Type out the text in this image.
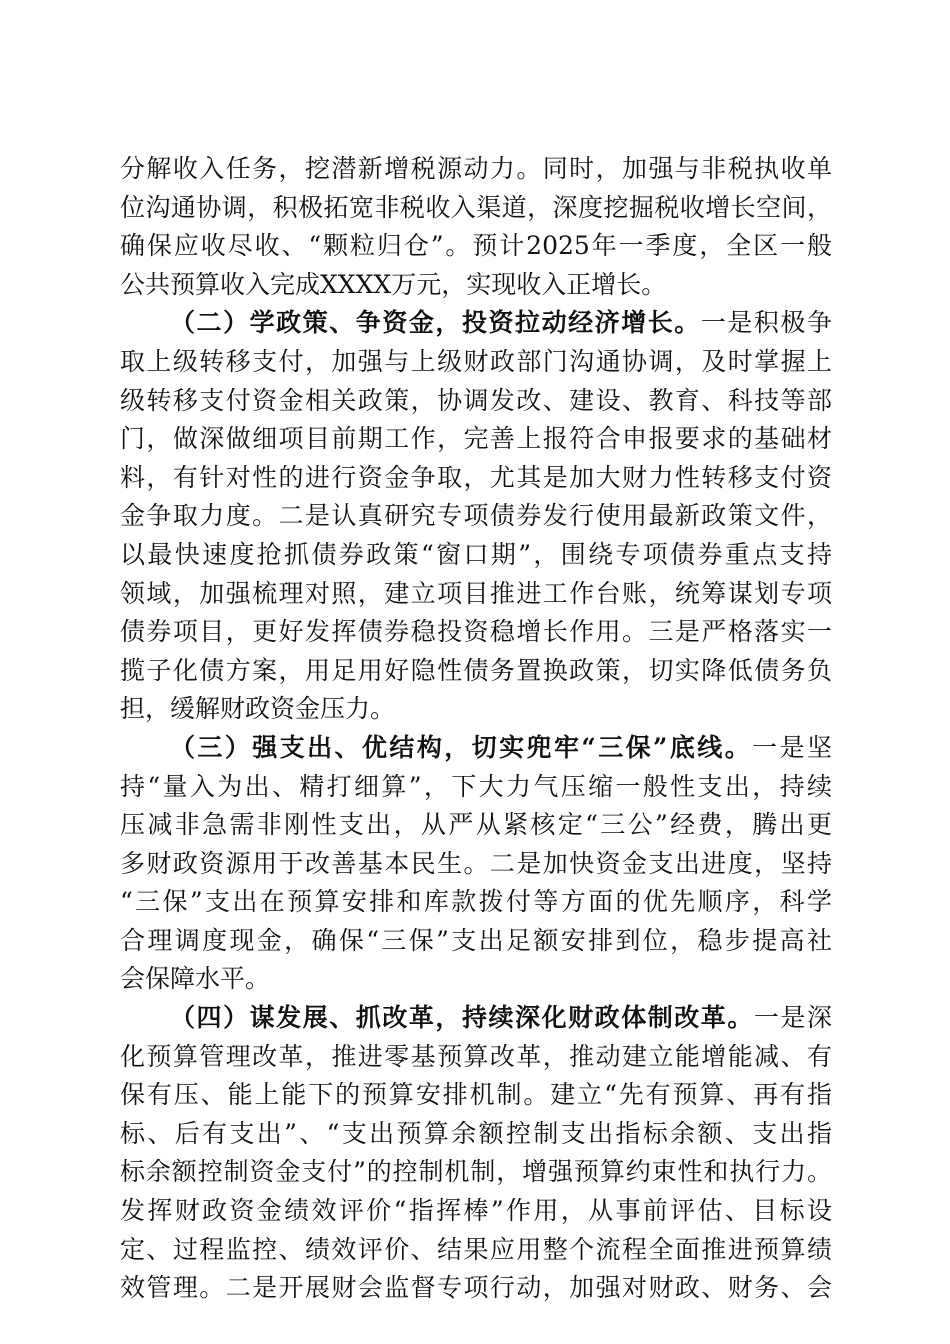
分解收入任务，挖潜新增税源动力。同时，加强与非税执收单
位沟通协调，积极拓宽非税收入渠道，深度挖掘税收增长空间，
确保应收尽收、“颗粒归仓”。预计2025年一季度，全区一般
公共预算收入完成XXXX万元，实现收入正增长。
（二）学政策、争资金，投资拉动经济增长。一是积极争
取上级转移支付，加强与上级财政部门沟通协调，及时掌握上
级转移支付资金相关政策，协调发改、建设、教育、科技等部
门，做深做细项目前期工作，完善上报符合申报要求的基础材
料，有针对性的进行资金争取，尤其是加大财力性转移支付资
金争取力度。二是认真研究专项债券发行使用最新政策文件，
以最快速度抢抓债券政策“窗口期”，围绕专项债券重点支持
领域，加强梳理对照，建立项目推进工作台账，统筹谋划专项
债券项目，更好发挥债券稳投资稳增长作用。三是严格落实一
揽子化债方案，用足用好隐性债务置换政策，切实降低债务负
担，缓解财政资金压力。
（三）强支出、优结构，切实兜牢“三保”底线。一是坚
持“量入为出、精打细算”，下大力气压缩一般性支出，持续
压减非急需非刚性支出，从严从紧核定“三公”经费，腾出更
多财政资源用于改善基本民生。二是加快资金支出进度，坚持
“三保”支出在预算安排和库款拨付等方面的优先顺序，科学
合理调度现金，确保“三保”支出足额安排到位，稳步提高社
会保障水平。
（四）谋发展、抓改革，持续深化财政体制改革。一是深
化预算管理改革，推进零基预算改革，推动建立能增能减、有
保有压、能上能下的预算安排机制。建立“先有预算、再有指
标、后有支出”、“支出预算余额控制支出指标余额、支出指
标余额控制资金支付”的控制机制，增强预算约束性和执行力。
发挥财政资金绩效评价“指挥棒”作用，从事前评估、目标设
定、过程监控、绩效评价、结果应用整个流程全面推进预算绩
效管理。二是开展财会监督专项行动，加强对财政、财务、会
